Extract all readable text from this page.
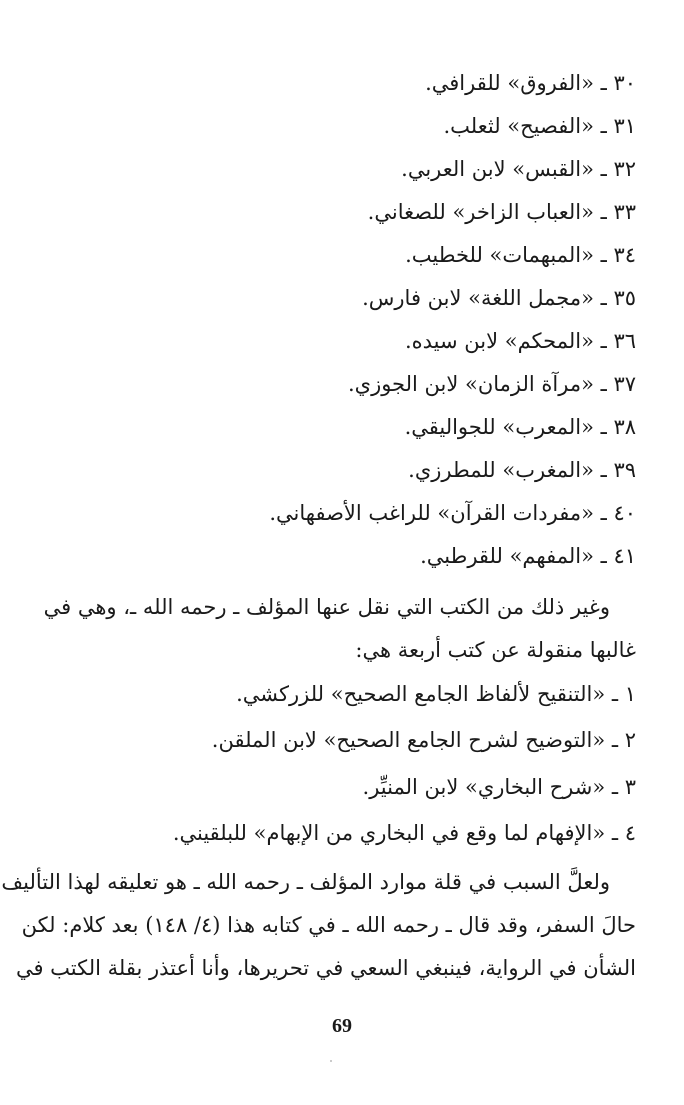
٣٠ ـ «الفروق» للقرافي.
٣١ ـ «الفصيح» لثعلب.
٣٢ ـ «القبس» لابن العربي.
٣٣ ـ «العباب الزاخر» للصغاني.
٣٤ ـ «المبهمات» للخطيب.
٣٥ ـ «مجمل اللغة» لابن فارس.
٣٦ ـ «المحكم» لابن سيده.
٣٧ ـ «مرآة الزمان» لابن الجوزي.
٣٨ ـ «المعرب» للجواليقي.
٣٩ ـ «المغرب» للمطرزي.
٤٠ ـ «مفردات القرآن» للراغب الأصفهاني.
٤١ ـ «المفهم» للقرطبي.
وغير ذلك من الكتب التي نقل عنها المؤلف ـ رحمه الله ـ، وهي في
غالبها منقولة عن كتب أربعة هي:
١ ـ «التنقيح لألفاظ الجامع الصحيح» للزركشي.
٢ ـ «التوضيح لشرح الجامع الصحيح» لابن الملقن.
٣ ـ «شرح البخاري» لابن المنيِّر.
٤ ـ «الإفهام لما وقع في البخاري من الإبهام» للبلقيني.
ولعلَّ السبب في قلة موارد المؤلف ـ رحمه الله ـ هو تعليقه لهذا التأليف
حالَ السفر، وقد قال ـ رحمه الله ـ في كتابه هذا (٤/ ١٤٨) بعد كلام: لكن
الشأن في الرواية، فينبغي السعي في تحريرها، وأنا أعتذر بقلة الكتب في
69
